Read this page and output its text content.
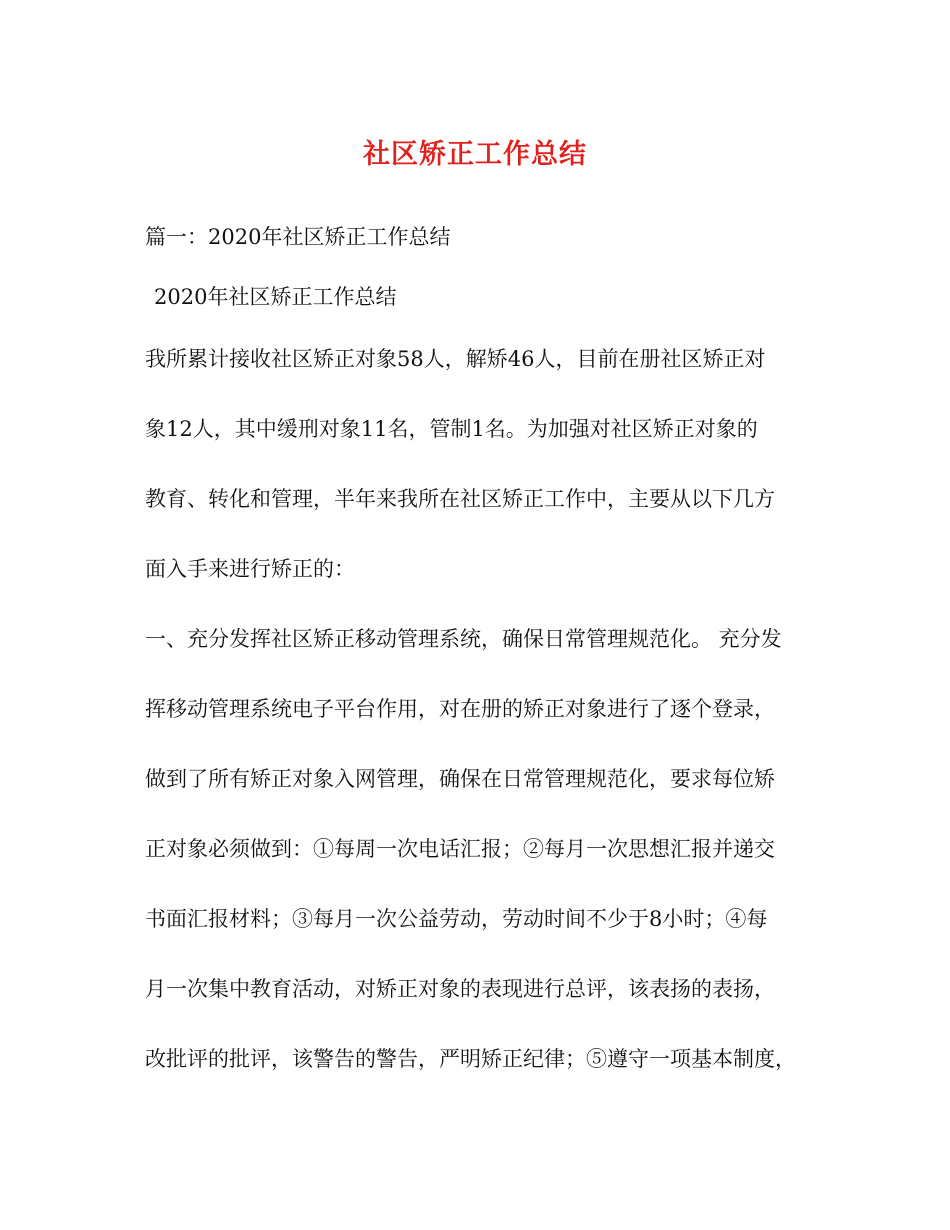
社区矫正工作总结
篇一：2020年社区矫正工作总结
2020年社区矫正工作总结
我所累计接收社区矫正对象58人，解矫46人，目前在册社区矫正对
象12人，其中缓刑对象11名，管制1名。为加强对社区矫正对象的
教育、转化和管理，半年来我所在社区矫正工作中，主要从以下几方
面入手来进行矫正的：
一、充分发挥社区矫正移动管理系统，确保日常管理规范化。 充分发
挥移动管理系统电子平台作用，对在册的矫正对象进行了逐个登录，
做到了所有矫正对象入网管理，确保在日常管理规范化，要求每位矫
正对象必须做到：①每周一次电话汇报；②每月一次思想汇报并递交
书面汇报材料；③每月一次公益劳动，劳动时间不少于8小时；④每
月一次集中教育活动，对矫正对象的表现进行总评，该表扬的表扬，
改批评的批评，该警告的警告，严明矫正纪律；⑤遵守一项基本制度，
